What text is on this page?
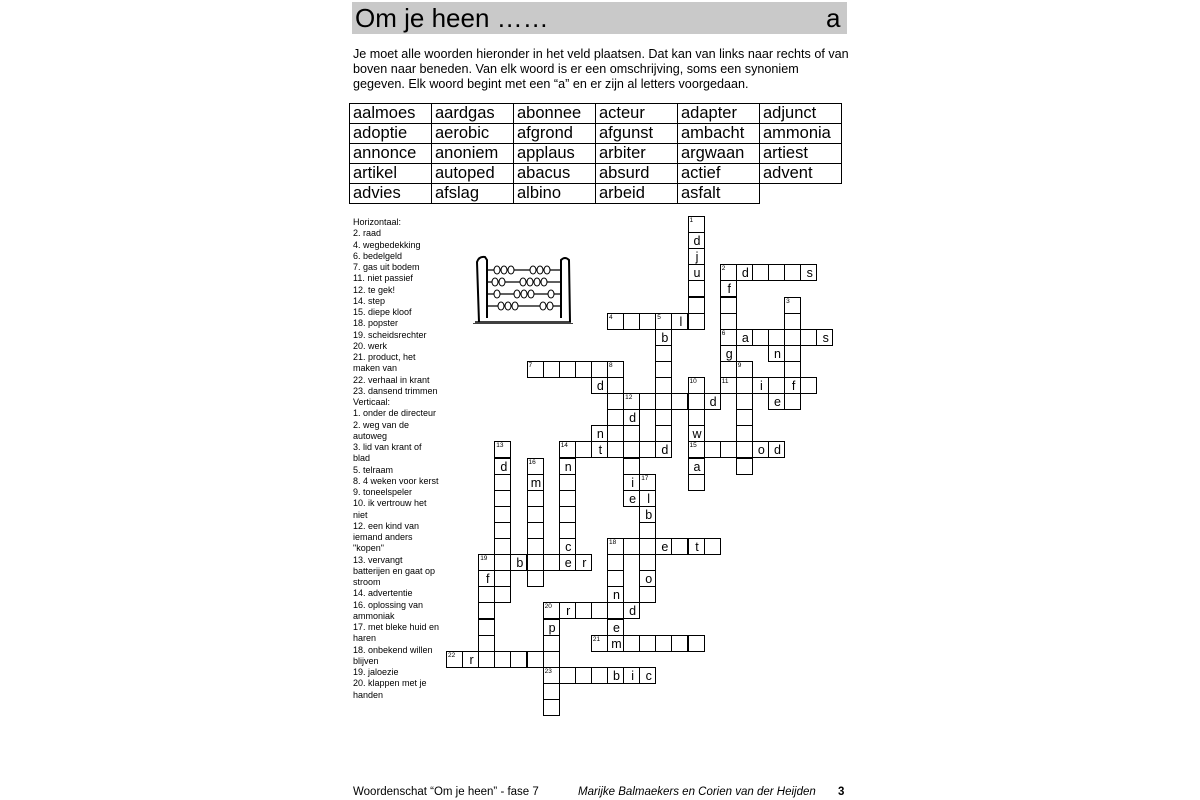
Om je heen ……	a
Je moet alle woorden hieronder in het veld plaatsen. Dat kan van links naar rechts of van boven naar beneden. Van elk woord is er een omschrijving, soms een synoniem gegeven. Elk woord begint met een “a” en er zijn al letters voorgedaan.
aalmoes	aardgas	abonnee	acteur	adapter	adjunct
adoptie	aerobic	afgrond	afgunst	ambacht	ammonia
annonce	anoniem	applaus	arbiter	argwaan	artiest
artikel	autoped	abacus	absurd	actief	advent
advies	afslag	albino	arbeid	asfalt	
Horizontaal:
2. raad
4. wegbedekking
6. bedelgeld
7. gas uit bodem
11. niet passief
12. te gek!
14. step
15. diepe kloof
18. popster
19. scheidsrechter
20. werk
21. product, het maken van
22. verhaal in krant
23. dansend trimmen
Verticaal:
1. onder de directeur
2. weg van de autoweg
3. lid van krant of blad
5. telraam
8. 4 weken voor kerst
9. toneelspeler
10. ik vertrouw het niet
12. een kind van iemand anders "kopen"
13. vervangt batterijen en gaat op stroom
14. advertentie
16. oplossing van ammoniak
17. met bleke huid en haren
18. onbekend willen blijven
19. jaloezie
20. klappen met je handen
2	d	s
4	5	l
6	a	s
7	8
11	i	f
12	d
14	t	d	15	o d
18	e	t
19	b	e r
20	r	d
21 m
22	r
23	b i c
1
d
j
u
f
g
3
b
9
10
w
a
d
i
e
13
d	n
c
16
m	17
l
b
o
n
e
f
p
n
d
e
n
Woordenschat “Om je heen” - fase 7	Marijke Balmaekers en Corien van der Heijden 3
